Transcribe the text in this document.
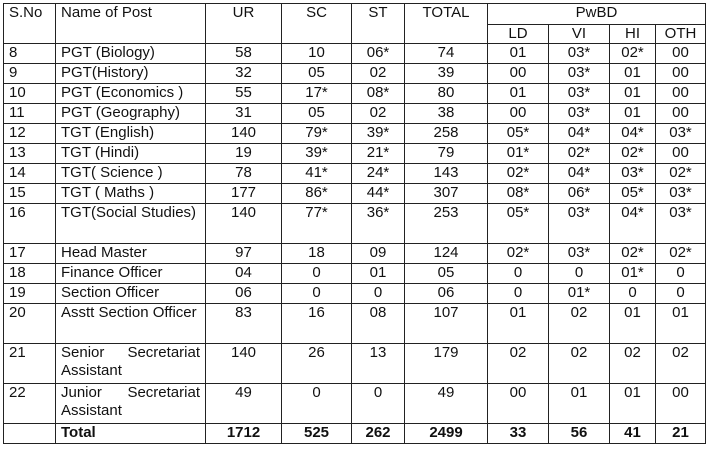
S.No	Name of Post	UR	SC	ST	TOTAL	PwBD			
						LD	VI	HI	OTH
8	PGT (Biology)	58	10	06*	74	01	03*	02*	00
9	PGT(History)	32	05	02	39	00	03*	01	00
10	PGT (Economics )	55	17*	08*	80	01	03*	01	00
11	PGT (Geography)	31	05	02	38	00	03*	01	00
12	TGT (English)	140	79*	39*	258	05*	04*	04*	03*
13	TGT (Hindi)	19	39*	21*	79	01*	02*	02*	00
14	TGT( Science )	78	41*	24*	143	02*	04*	03*	02*
15	TGT ( Maths )	177	86*	44*	307	08*	06*	05*	03*
16	TGT(Social Studies)	140	77*	36*	253	05*	03*	04*	03*
17	Head Master	97	18	09	124	02*	03*	02*	02*
18	Finance Officer	04	0	01	05	0	0	01*	0
19	Section Officer	06	0	0	06	0	01*	0	0
20	Asstt Section Officer	83	16	08	107	01	02	01	01
21	Senior Secretariat Assistant	140	26	13	179	02	02	02	02
22	Junior Secretariat Assistant	49	0	0	49	00	01	01	00
	Total	1712	525	262	2499	33	56	41	21
